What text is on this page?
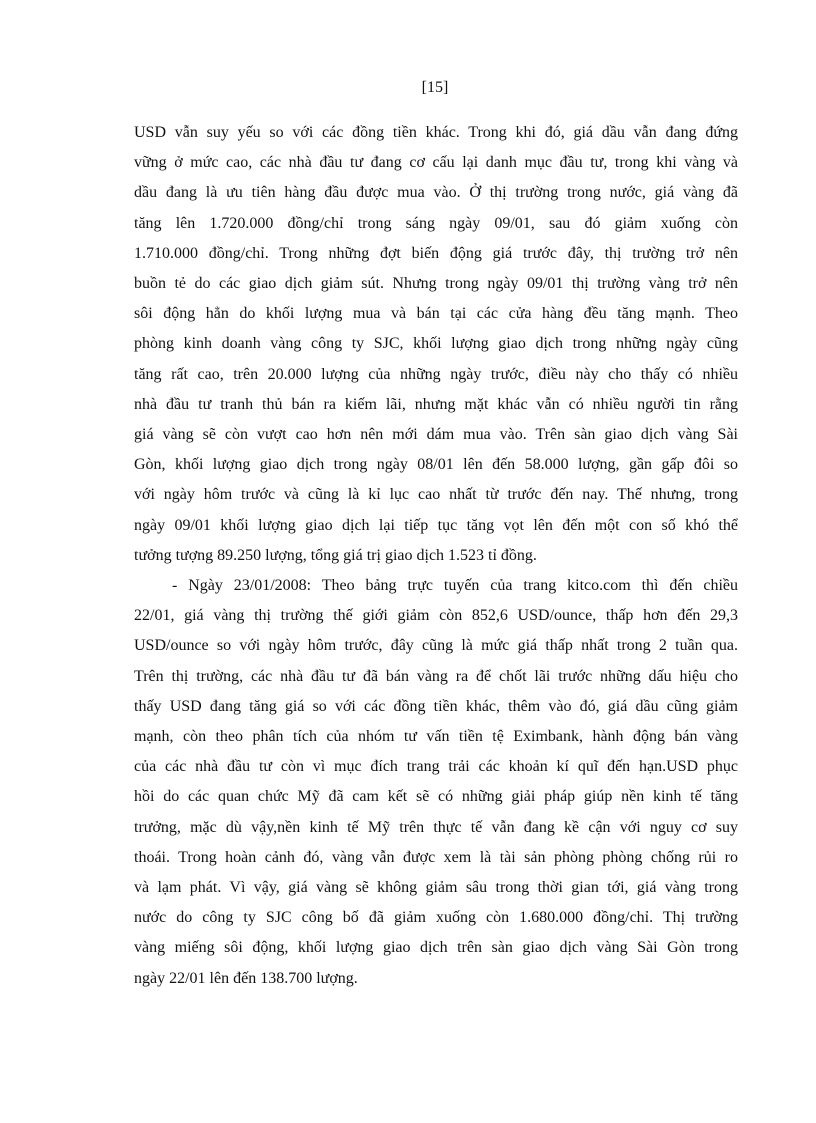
[15]

USD vẫn suy yếu so với các đồng tiền khác. Trong khi đó, giá dầu vẫn đang đứng
vững ở mức cao, các nhà đầu tư đang cơ cấu lại danh mục đầu tư, trong khi vàng và
dầu đang là ưu tiên hàng đầu được mua vào. Ở thị trường trong nước, giá vàng đã
tăng lên 1.720.000 đồng/chỉ trong sáng ngày 09/01, sau đó giảm xuống còn
1.710.000 đồng/chỉ. Trong những đợt biến động giá trước đây, thị trường trở nên
buồn tẻ do các giao dịch giảm sút. Nhưng trong ngày 09/01 thị trường vàng trở nên
sôi động hẳn do khối lượng mua và bán tại các cửa hàng đều tăng mạnh. Theo
phòng kinh doanh vàng công ty SJC, khối lượng giao dịch trong những ngày cũng
tăng rất cao, trên 20.000 lượng của những ngày trước, điều này cho thấy có nhiều
nhà đầu tư tranh thủ bán ra kiếm lãi, nhưng mặt khác vẫn có nhiều người tin rằng
giá vàng sẽ còn vượt cao hơn nên mới dám mua vào. Trên sàn giao dịch vàng Sài
Gòn, khối lượng giao dịch trong ngày 08/01 lên đến 58.000 lượng, gần gấp đôi so
với ngày hôm trước và cũng là kỉ lục cao nhất từ trước đến nay. Thế nhưng, trong
ngày 09/01 khối lượng giao dịch lại tiếp tục tăng vọt lên đến một con số khó thể
tưởng tượng 89.250 lượng, tổng giá trị giao dịch 1.523 tỉ đồng.

- Ngày 23/01/2008: Theo bảng trực tuyến của trang kitco.com thì đến chiều
22/01, giá vàng thị trường thế giới giảm còn 852,6 USD/ounce, thấp hơn đến 29,3
USD/ounce so với ngày hôm trước, đây cũng là mức giá thấp nhất trong 2 tuần qua.
Trên thị trường, các nhà đầu tư đã bán vàng ra để chốt lãi trước những dấu hiệu cho
thấy USD đang tăng giá so với các đồng tiền khác, thêm vào đó, giá dầu cũng giảm
mạnh, còn theo phân tích của nhóm tư vấn tiền tệ Eximbank, hành động bán vàng
của các nhà đầu tư còn vì mục đích trang trải các khoản kí quĩ đến hạn.USD phục
hồi do các quan chức Mỹ đã cam kết sẽ có những giải pháp giúp nền kinh tế tăng
trưởng, mặc dù vậy,nền kinh tế Mỹ trên thực tế vẫn đang kề cận với nguy cơ suy
thoái. Trong hoàn cảnh đó, vàng vẫn được xem là tài sản phòng phòng chống rủi ro
và lạm phát. Vì vậy, giá vàng sẽ không giảm sâu trong thời gian tới, giá vàng trong
nước do công ty SJC công bố đã giảm xuống còn 1.680.000 đồng/chỉ. Thị trường
vàng miếng sôi động, khối lượng giao dịch trên sàn giao dịch vàng Sài Gòn trong
ngày 22/01 lên đến 138.700 lượng.
